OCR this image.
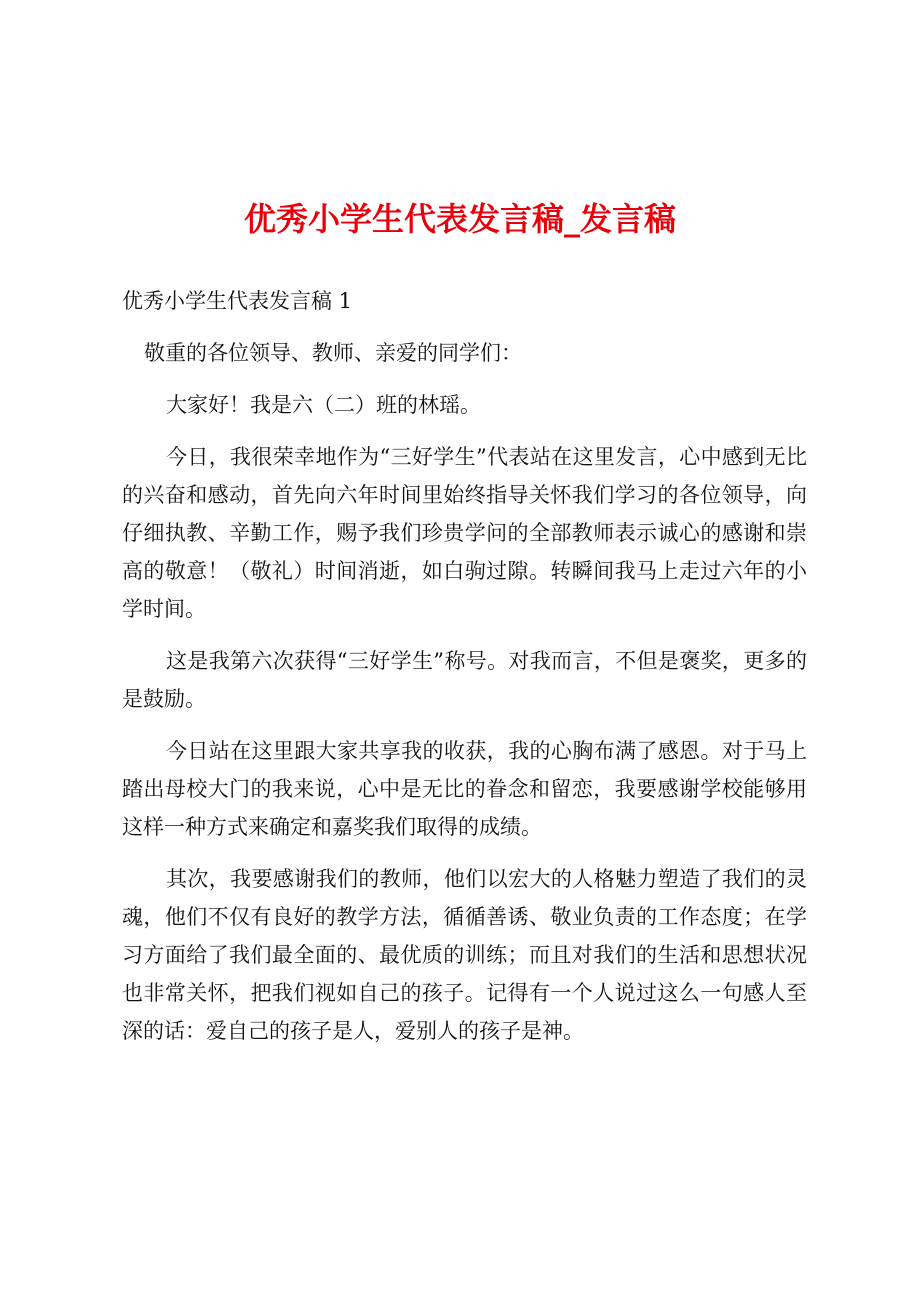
优秀小学生代表发言稿_发言稿

优秀小学生代表发言稿 1

敬重的各位领导、教师、亲爱的同学们：

大家好！我是六（二）班的林瑶。

今日，我很荣幸地作为“三好学生”代表站在这里发言，心中感到无比的兴奋和感动，首先向六年时间里始终指导关怀我们学习的各位领导，向仔细执教、辛勤工作，赐予我们珍贵学问的全部教师表示诚心的感谢和崇高的敬意！（敬礼）时间消逝，如白驹过隙。转瞬间我马上走过六年的小学时间。

这是我第六次获得“三好学生”称号。对我而言，不但是褒奖，更多的是鼓励。

今日站在这里跟大家共享我的收获，我的心胸布满了感恩。对于马上踏出母校大门的我来说，心中是无比的眷念和留恋，我要感谢学校能够用这样一种方式来确定和嘉奖我们取得的成绩。

其次，我要感谢我们的教师，他们以宏大的人格魅力塑造了我们的灵魂，他们不仅有良好的教学方法，循循善诱、敬业负责的工作态度；在学习方面给了我们最全面的、最优质的训练；而且对我们的生活和思想状况也非常关怀，把我们视如自己的孩子。记得有一个人说过这么一句感人至深的话：爱自己的孩子是人，爱别人的孩子是神。
